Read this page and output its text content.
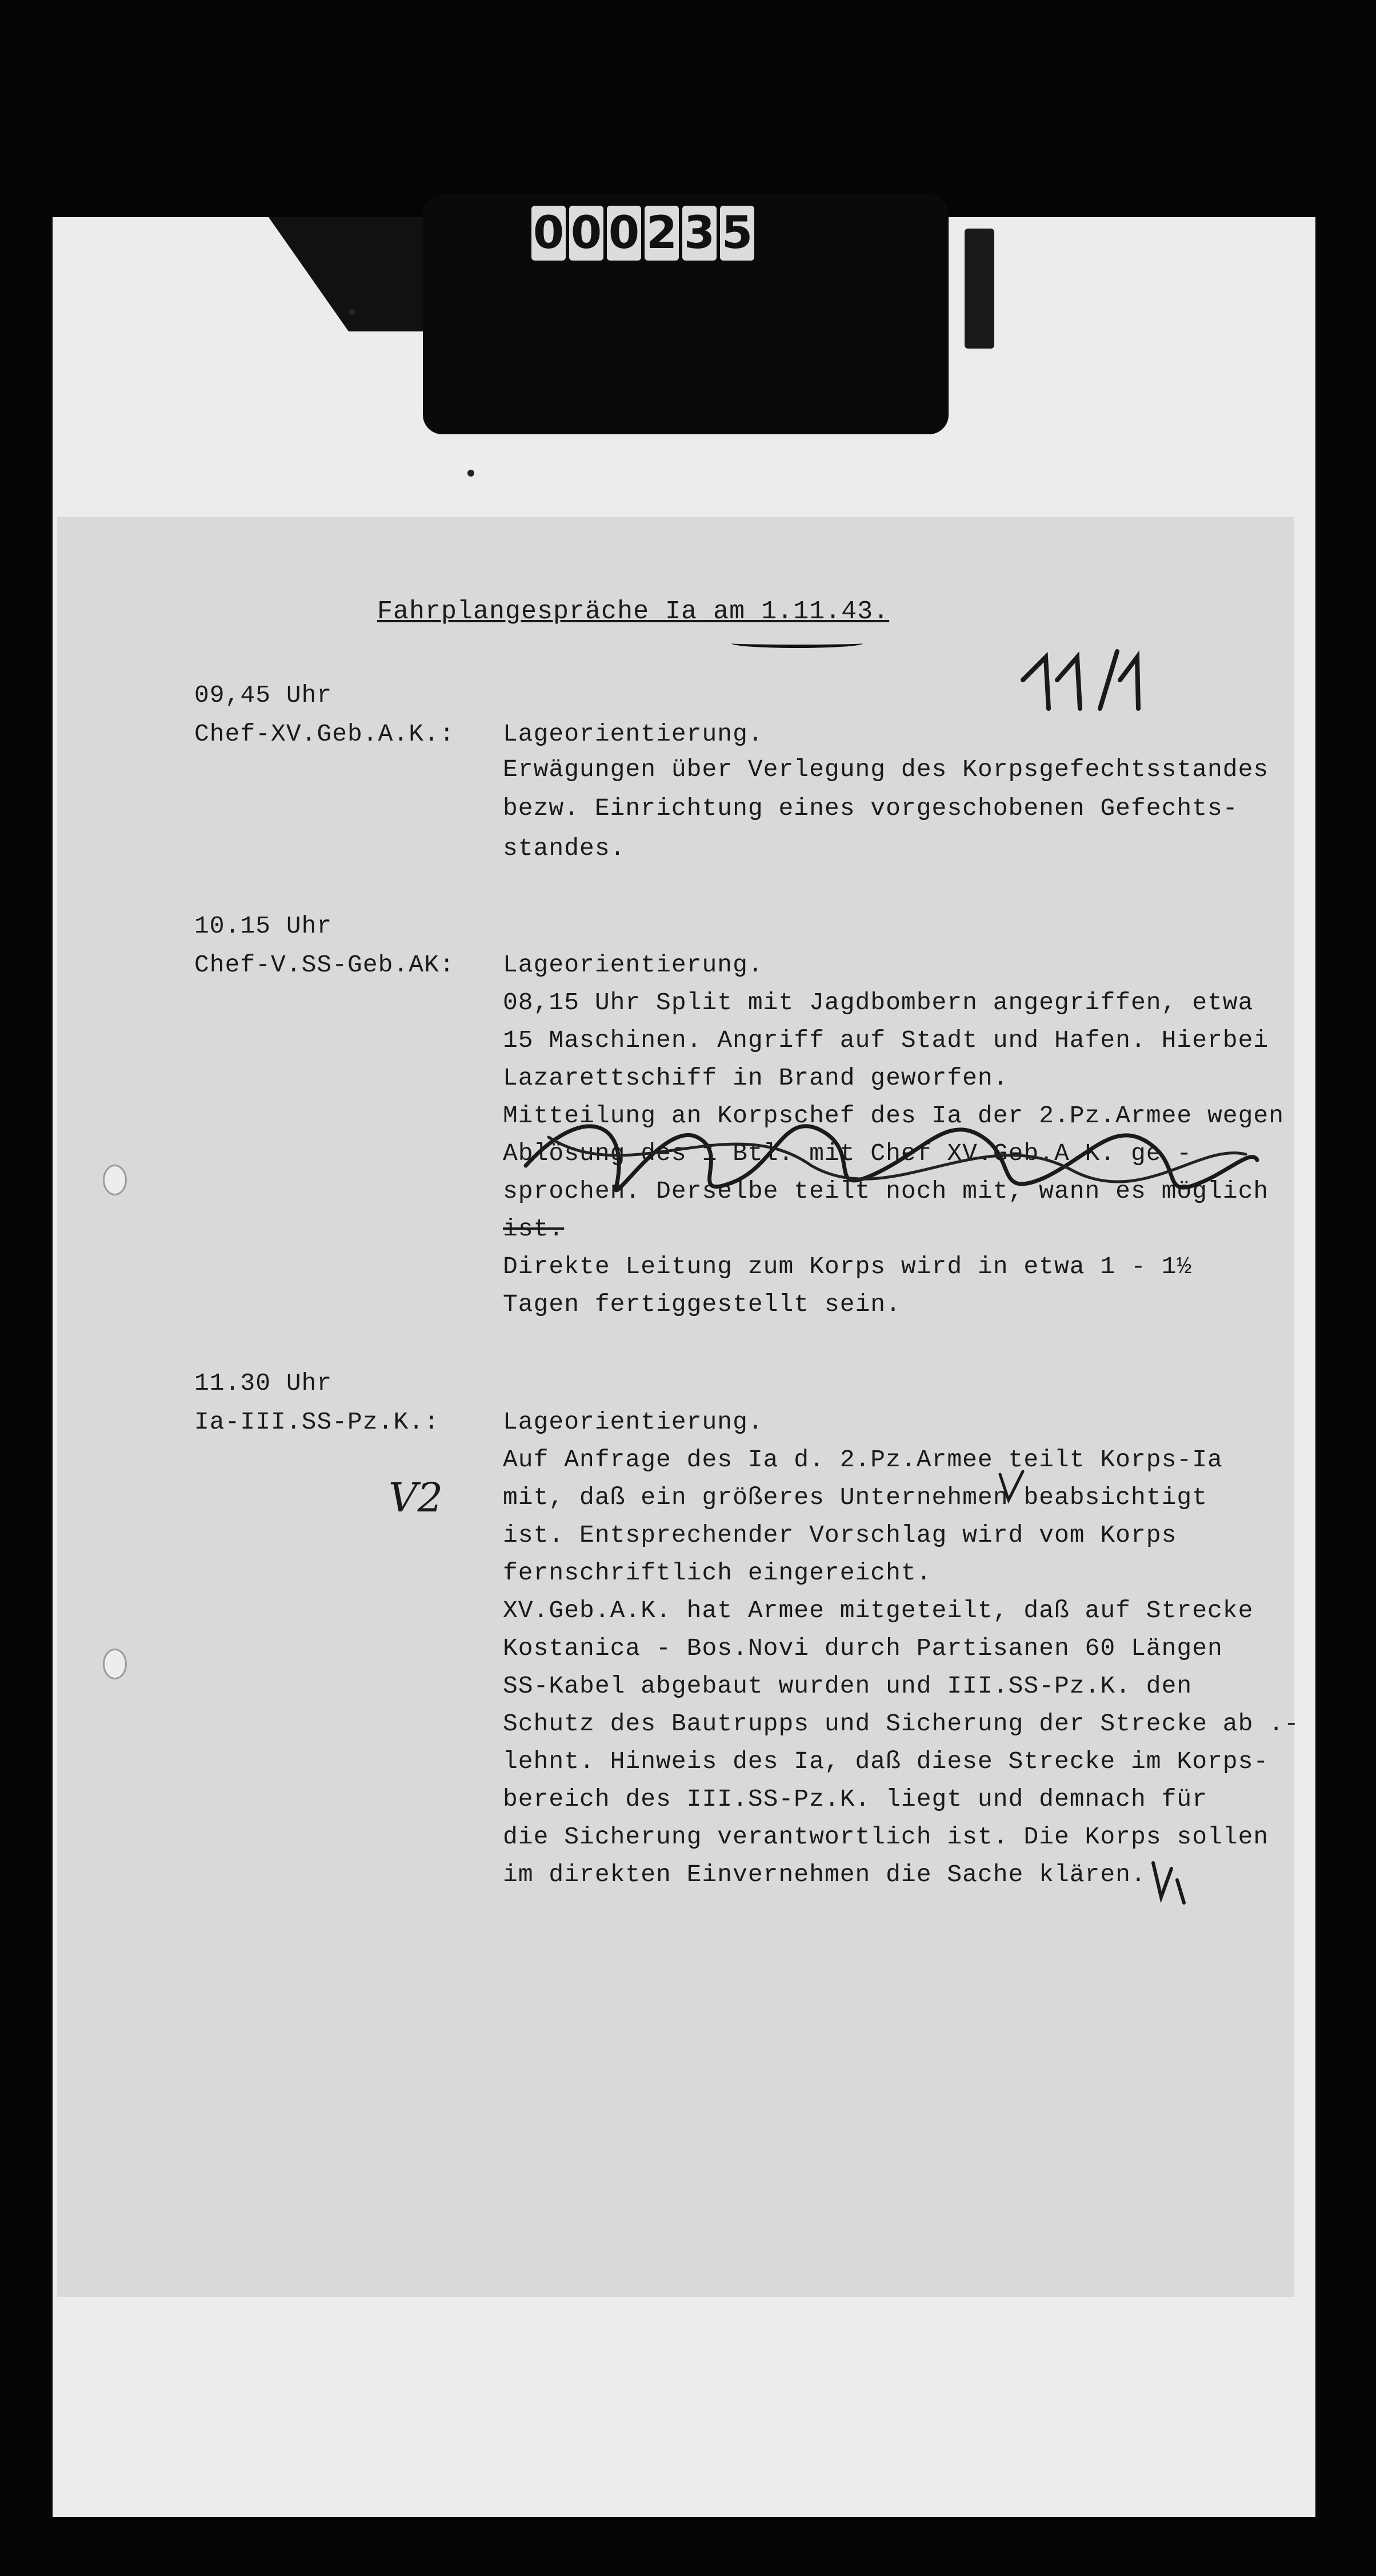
0 0 0 2 3 5
Fahrplangespräche Ia am 1.11.43.
09,45 Uhr
Chef-XV.Geb.A.K.: Lageorientierung.
Erwägungen über Verlegung des Korpsgefechtsstandes
bezw. Einrichtung eines vorgeschobenen Gefechts-
standes.
10.15 Uhr
Chef-V.SS-Geb.AK: Lageorientierung.
08,15 Uhr Split mit Jagdbombern angegriffen, etwa
15 Maschinen. Angriff auf Stadt und Hafen. Hierbei
Lazarettschiff in Brand geworfen.
Mitteilung an Korpschef des Ia der 2.Pz.Armee wegen
Ablösung des 1 Btl. mit Chef XV.Geb.A.K. ge -
sprochen. Derselbe teilt noch mit, wann es möglich
ist.
Direkte Leitung zum Korps wird in etwa 1 - 1½
Tagen fertiggestellt sein.
11.30 Uhr
Ia-III.SS-Pz.K.:
V2
Lageorientierung.
Auf Anfrage des Ia d. 2.Pz.Armee teilt Korps-Ia
mit, daß ein größeres Unternehmen beabsichtigt
ist. Entsprechender Vorschlag wird vom Korps
fernschriftlich eingereicht.
XV.Geb.A.K. hat Armee mitgeteilt, daß auf Strecke
Kostanica - Bos.Novi durch Partisanen 60 Längen
SS-Kabel abgebaut wurden und III.SS-Pz.K. den
Schutz des Bautrupps und Sicherung der Strecke ab .-
lehnt. Hinweis des Ia, daß diese Strecke im Korps-
bereich des III.SS-Pz.K. liegt und demnach für
die Sicherung verantwortlich ist. Die Korps sollen
im direkten Einvernehmen die Sache klären.
